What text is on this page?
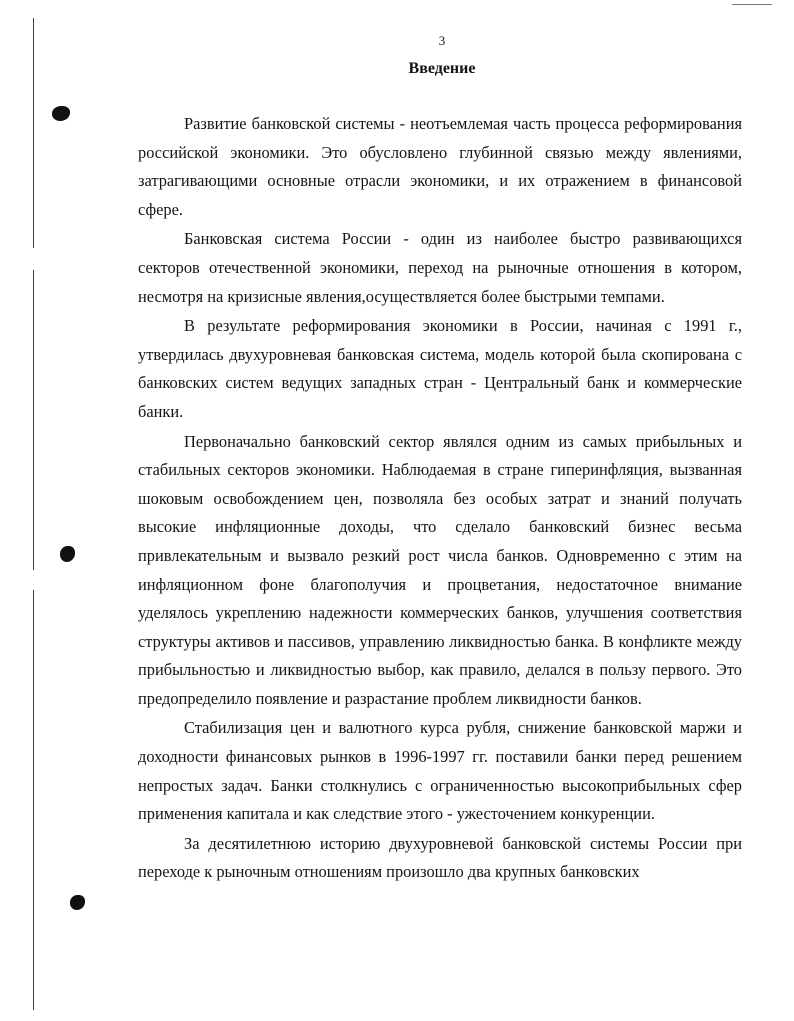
3
Введение

Развитие банковской системы - неотъемлемая часть процесса реформирования российской экономики. Это обусловлено глубинной связью между явлениями, затрагивающими основные отрасли экономики, и их отражением в финансовой сфере.

Банковская система России - один из наиболее быстро развивающихся секторов отечественной экономики, переход на рыночные отношения в котором, несмотря на кризисные явления,осуществляется более быстрыми темпами.

В результате реформирования экономики в России, начиная с 1991 г., утвердилась двухуровневая банковская система, модель которой была скопирована с банковских систем ведущих западных стран - Центральный банк и коммерческие банки.

Первоначально банковский сектор являлся одним из самых прибыльных и стабильных секторов экономики. Наблюдаемая в стране гиперинфляция, вызванная шоковым освобождением цен, позволяла без особых затрат и знаний получать высокие инфляционные доходы, что сделало банковский бизнес весьма привлекательным и вызвало резкий рост числа банков. Одновременно с этим на инфляционном фоне благополучия и процветания, недостаточное внимание уделялось укреплению надежности коммерческих банков, улучшения соответствия структуры активов и пассивов, управлению ликвидностью банка. В конфликте между прибыльностью и ликвидностью выбор, как правило, делался в пользу первого. Это предопределило появление и разрастание проблем ликвидности банков.

Стабилизация цен и валютного курса рубля, снижение банковской маржи и доходности финансовых рынков в 1996-1997 гг. поставили банки перед решением непростых задач. Банки столкнулись с ограниченностью высокоприбыльных сфер применения капитала и как следствие этого - ужесточением конкуренции.

За десятилетнюю историю двухуровневой банковской системы России при переходе к рыночным отношениям произошло два крупных банковских
